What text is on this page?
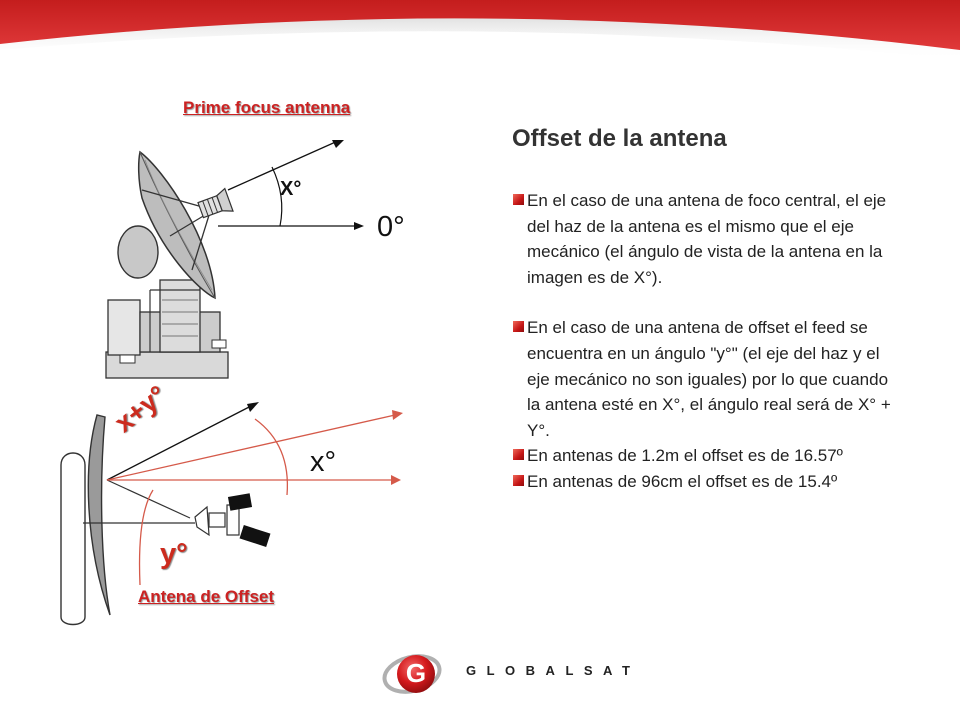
Offset de la antena
Prime focus antenna
X°
0°
x+y°
x°
y°
Antena de Offset

En el caso de una antena de foco central, el eje del haz de la antena es el mismo que el eje mecánico (el ángulo de vista de la antena en la imagen es de X°).

En el caso de una antena de offset el feed se encuentra en un ángulo "y°" (el eje del haz y el eje mecánico no son iguales) por lo que cuando la antena esté en X°, el ángulo real será de X° + Y°.

En antenas de 1.2m el offset es de 16.57º

En antenas de 96cm el offset es de 15.4º

G	GLOBALSAT
